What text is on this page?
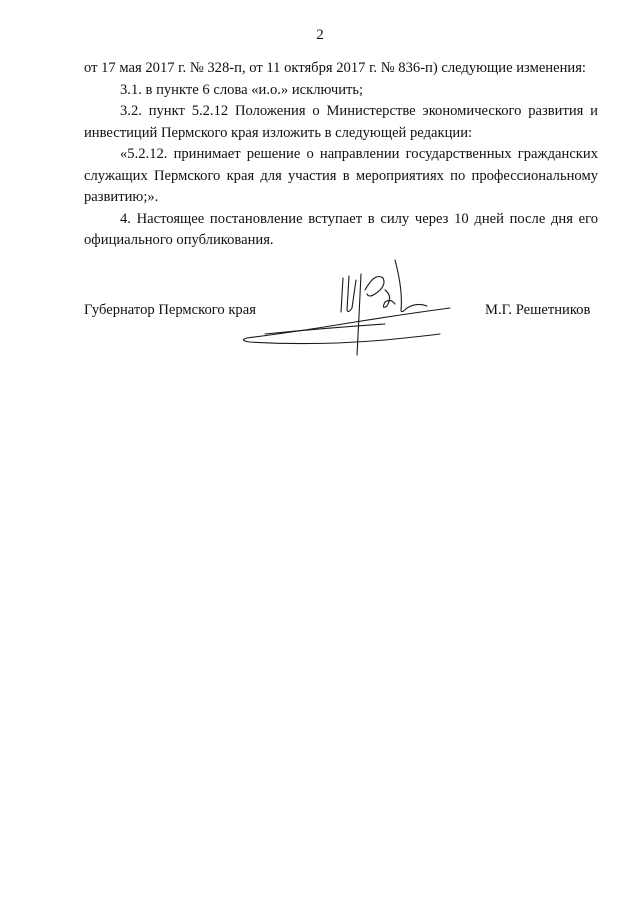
2

от 17 мая 2017 г. № 328-п, от 11 октября 2017 г. № 836-п) следующие изменения:

3.1. в пункте 6 слова «и.о.» исключить;

3.2. пункт 5.2.12 Положения о Министерстве экономического развития и инвестиций Пермского края изложить в следующей редакции:

«5.2.12. принимает решение о направлении государственных гражданских служащих Пермского края для участия в мероприятиях по профессиональному развитию;».

4. Настоящее постановление вступает в силу через 10 дней после дня его официального опубликования.

Губернатор Пермского края	М.Г. Решетников
